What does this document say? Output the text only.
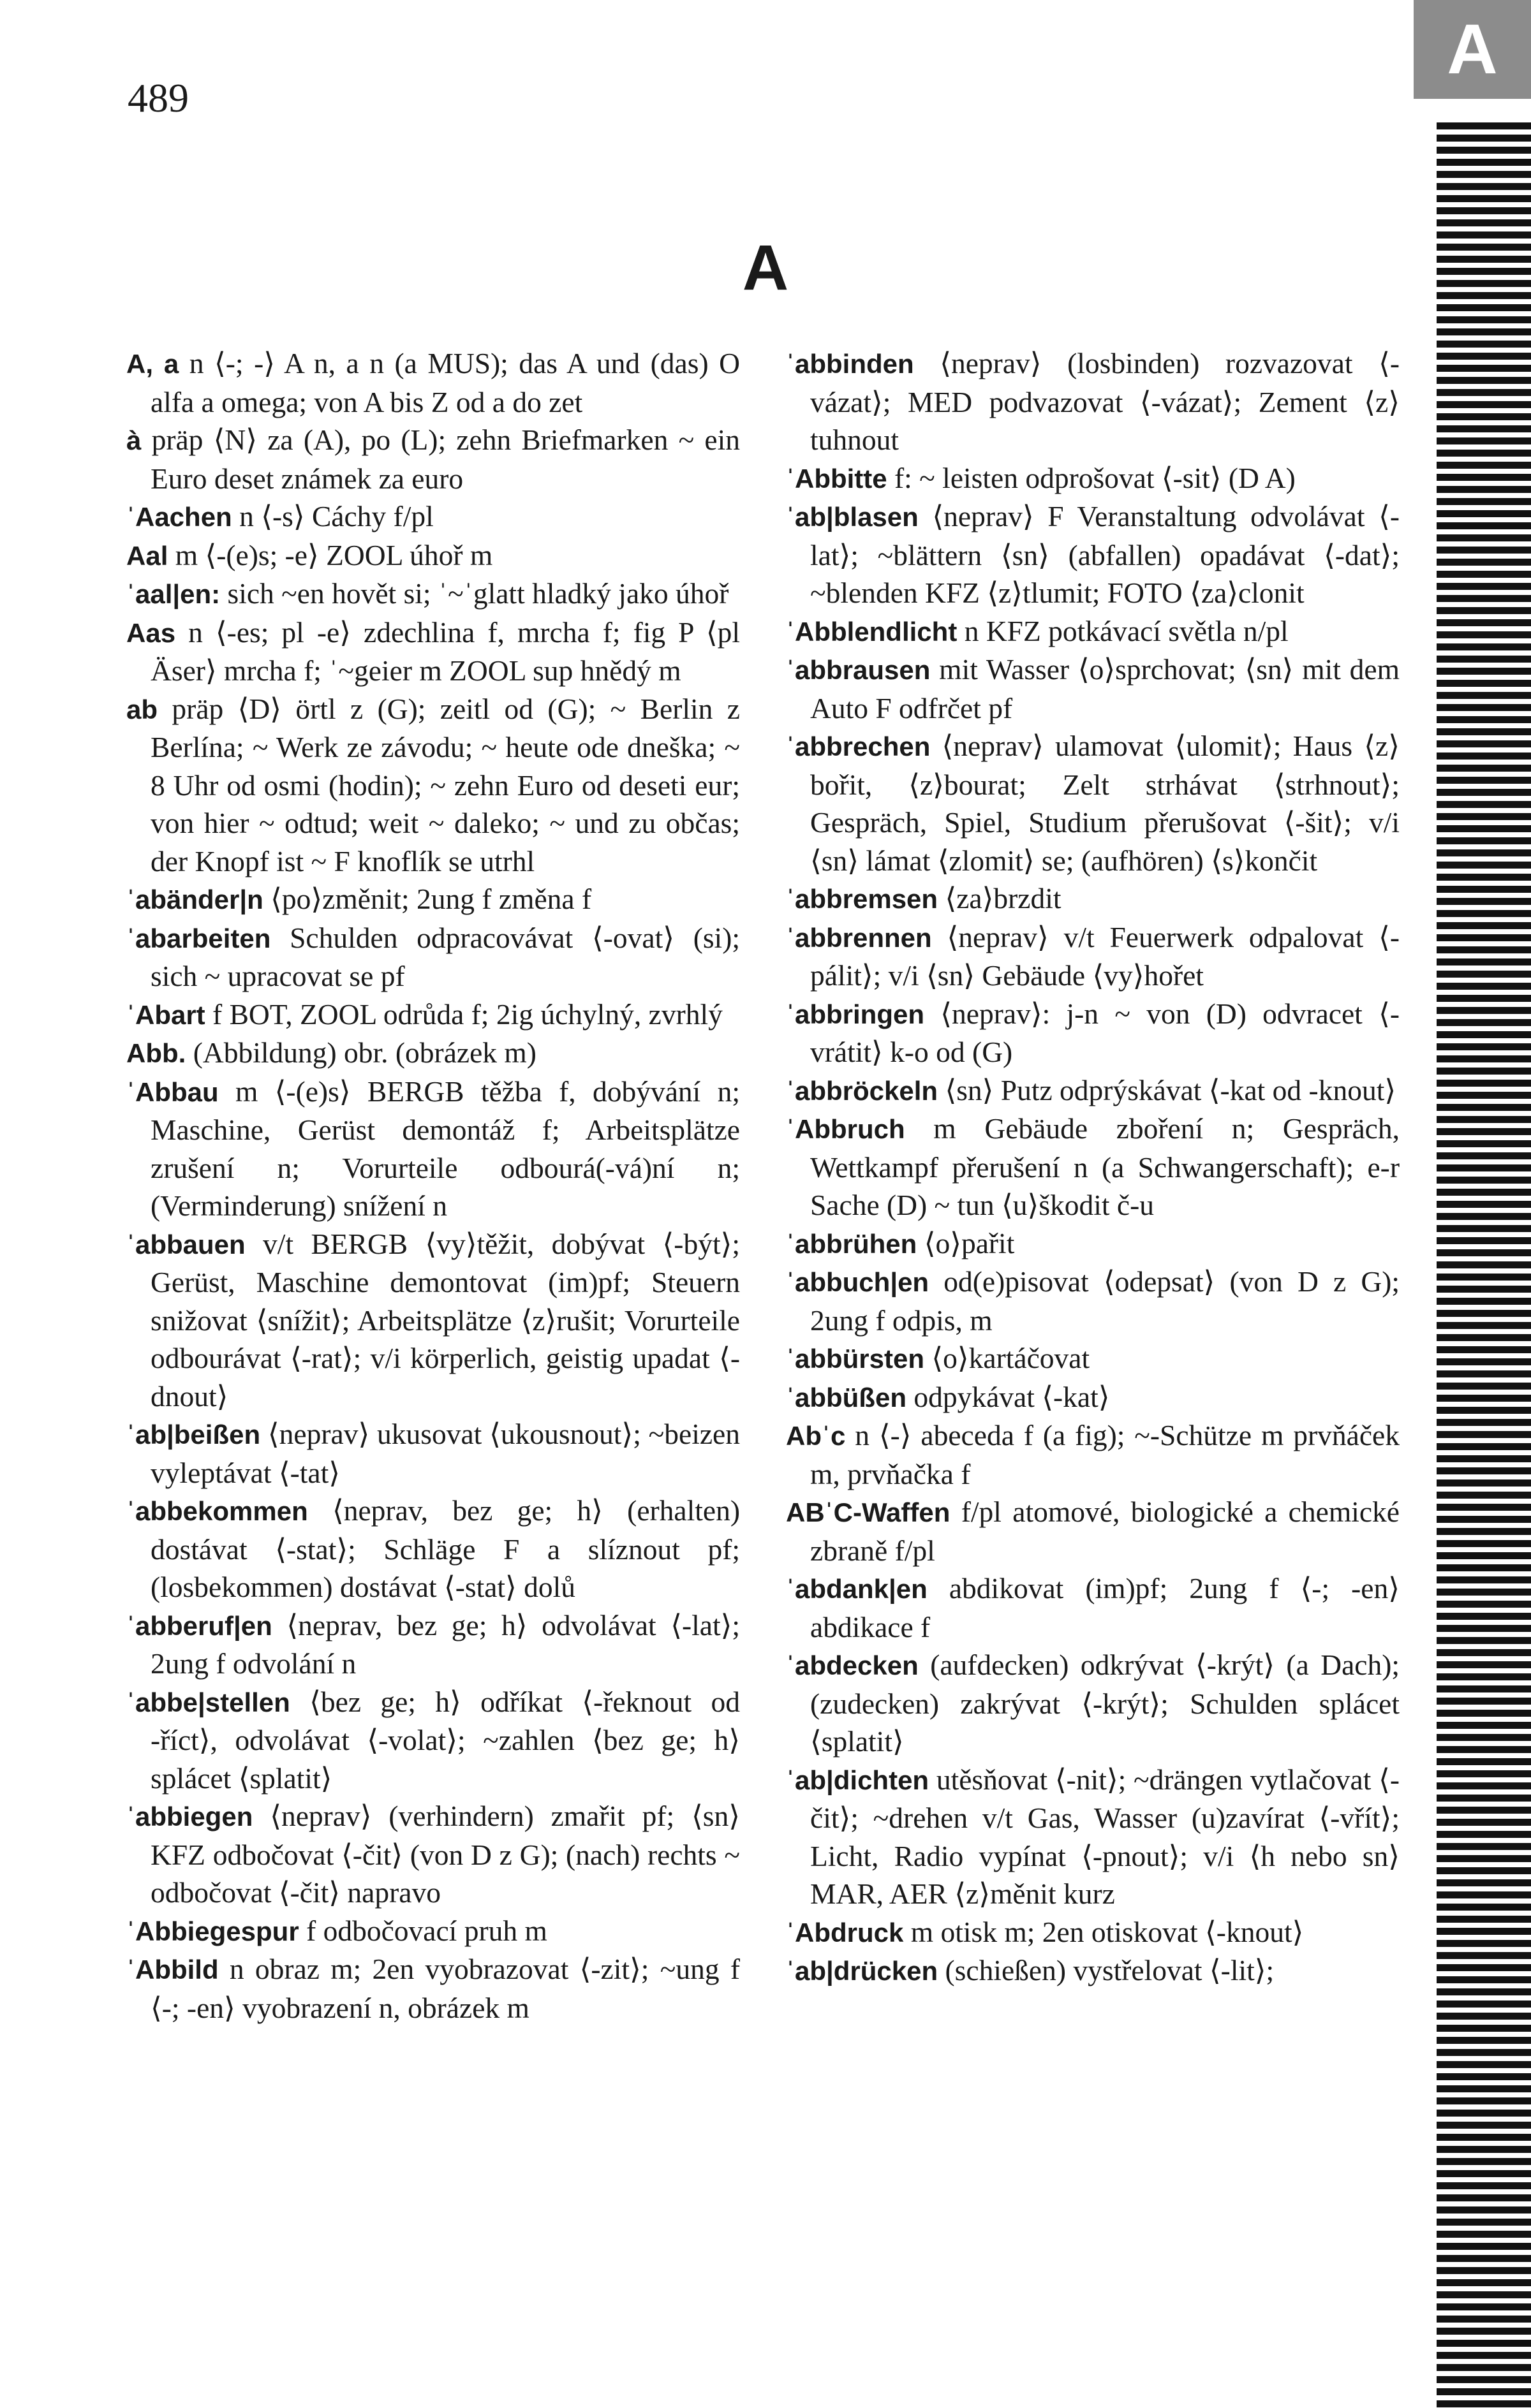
489
A
A

A, a n ⟨-; -⟩ A n, a n (a MUS); das A und (das) O alfa a omega; von A bis Z od a do zet

à präp ⟨N⟩ za (A), po (L); zehn Briefmarken ~ ein Euro deset známek za euro

ˈAachen n ⟨-s⟩ Cáchy f/pl

Aal m ⟨-(e)s; -e⟩ ZOOL úhoř m

ˈaal|en: sich ~en hovět si; ˈ~ˈglatt hladký jako úhoř

Aas n ⟨-es; pl -e⟩ zdechlina f, mrcha f; fig P ⟨pl Äser⟩ mrcha f; ˈ~geier m ZOOL sup hnědý m

ab präp ⟨D⟩ örtl z (G); zeitl od (G); ~ Berlin z Berlína; ~ Werk ze závodu; ~ heute ode dneška; ~ 8 Uhr od osmi (hodin); ~ zehn Euro od deseti eur; von hier ~ odtud; weit ~ daleko; ~ und zu občas; der Knopf ist ~ F knoflík se utrhl

ˈabänder|n ⟨po⟩změnit; 2ung f změna f

ˈabarbeiten Schulden odpracovávat ⟨-ovat⟩ (si); sich ~ upracovat se pf

ˈAbart f BOT, ZOOL odrůda f; 2ig úchylný, zvrhlý

Abb. (Abbildung) obr. (obrázek m)

ˈAbbau m ⟨-(e)s⟩ BERGB těžba f, dobývání n; Maschine, Gerüst demontáž f; Arbeitsplätze zrušení n; Vorurteile odbourá(-vá)ní n; (Verminderung) snížení n

ˈabbauen v/t BERGB ⟨vy⟩těžit, dobývat ⟨-být⟩; Gerüst, Maschine demontovat (im)pf; Steuern snižovat ⟨snížit⟩; Arbeitsplätze ⟨z⟩rušit; Vorurteile odbourávat ⟨-rat⟩; v/i körperlich, geistig upadat ⟨-dnout⟩

ˈab|beißen ⟨neprav⟩ ukusovat ⟨ukousnout⟩; ~beizen vyleptávat ⟨-tat⟩

ˈabbekommen ⟨neprav, bez ge; h⟩ (erhalten) dostávat ⟨-stat⟩; Schläge F a slíznout pf; (losbekommen) dostávat ⟨-stat⟩ dolů

ˈabberuf|en ⟨neprav, bez ge; h⟩ odvolávat ⟨-lat⟩; 2ung f odvolání n

ˈabbe|stellen ⟨bez ge; h⟩ odříkat ⟨-řeknout od -říct⟩, odvolávat ⟨-volat⟩; ~zahlen ⟨bez ge; h⟩ splácet ⟨splatit⟩

ˈabbiegen ⟨neprav⟩ (verhindern) zmařit pf; ⟨sn⟩ KFZ odbočovat ⟨-čit⟩ (von D z G); (nach) rechts ~ odbočovat ⟨-čit⟩ napravo

ˈAbbiegespur f odbočovací pruh m

ˈAbbild n obraz m; 2en vyobrazovat ⟨-zit⟩; ~ung f ⟨-; -en⟩ vyobrazení n, obrázek m

ˈabbinden ⟨neprav⟩ (losbinden) rozvazovat ⟨-vázat⟩; MED podvazovat ⟨-vázat⟩; Zement ⟨z⟩tuhnout

ˈAbbitte f: ~ leisten odprošovat ⟨-sit⟩ (D A)

ˈab|blasen ⟨neprav⟩ F Veranstaltung odvolávat ⟨-lat⟩; ~blättern ⟨sn⟩ (abfallen) opadávat ⟨-dat⟩; ~blenden KFZ ⟨z⟩tlumit; FOTO ⟨za⟩clonit

ˈAbblendlicht n KFZ potkávací světla n/pl

ˈabbrausen mit Wasser ⟨o⟩sprchovat; ⟨sn⟩ mit dem Auto F odfrčet pf

ˈabbrechen ⟨neprav⟩ ulamovat ⟨ulomit⟩; Haus ⟨z⟩bořit, ⟨z⟩bourat; Zelt strhávat ⟨strhnout⟩; Gespräch, Spiel, Studium přerušovat ⟨-šit⟩; v/i ⟨sn⟩ lámat ⟨zlomit⟩ se; (aufhören) ⟨s⟩končit

ˈabbremsen ⟨za⟩brzdit

ˈabbrennen ⟨neprav⟩ v/t Feuerwerk odpalovat ⟨-pálit⟩; v/i ⟨sn⟩ Gebäude ⟨vy⟩hořet

ˈabbringen ⟨neprav⟩: j-n ~ von (D) odvracet ⟨-vrátit⟩ k-o od (G)

ˈabbröckeln ⟨sn⟩ Putz odprýskávat ⟨-kat od -knout⟩

ˈAbbruch m Gebäude zboření n; Gespräch, Wettkampf přerušení n (a Schwangerschaft); e-r Sache (D) ~ tun ⟨u⟩škodit č-u

ˈabbrühen ⟨o⟩pařit

ˈabbuch|en od(e)pisovat ⟨odepsat⟩ (von D z G); 2ung f odpis, m

ˈabbürsten ⟨o⟩kartáčovat

ˈabbüßen odpykávat ⟨-kat⟩

Abˈc n ⟨-⟩ abeceda f (a fig); ~-Schütze m prvňáček m, prvňačka f

ABˈC-Waffen f/pl atomové, biologické a chemické zbraně f/pl

ˈabdank|en abdikovat (im)pf; 2ung f ⟨-; -en⟩ abdikace f

ˈabdecken (aufdecken) odkrývat ⟨-krýt⟩ (a Dach); (zudecken) zakrývat ⟨-krýt⟩; Schulden splácet ⟨splatit⟩

ˈab|dichten utěsňovat ⟨-nit⟩; ~drängen vytlačovat ⟨-čit⟩; ~drehen v/t Gas, Wasser (u)zavírat ⟨-vřít⟩; Licht, Radio vypínat ⟨-pnout⟩; v/i ⟨h nebo sn⟩ MAR, AER ⟨z⟩měnit kurz

ˈAbdruck m otisk m; 2en otiskovat ⟨-knout⟩

ˈab|drücken (schießen) vystřelovat ⟨-lit⟩;
